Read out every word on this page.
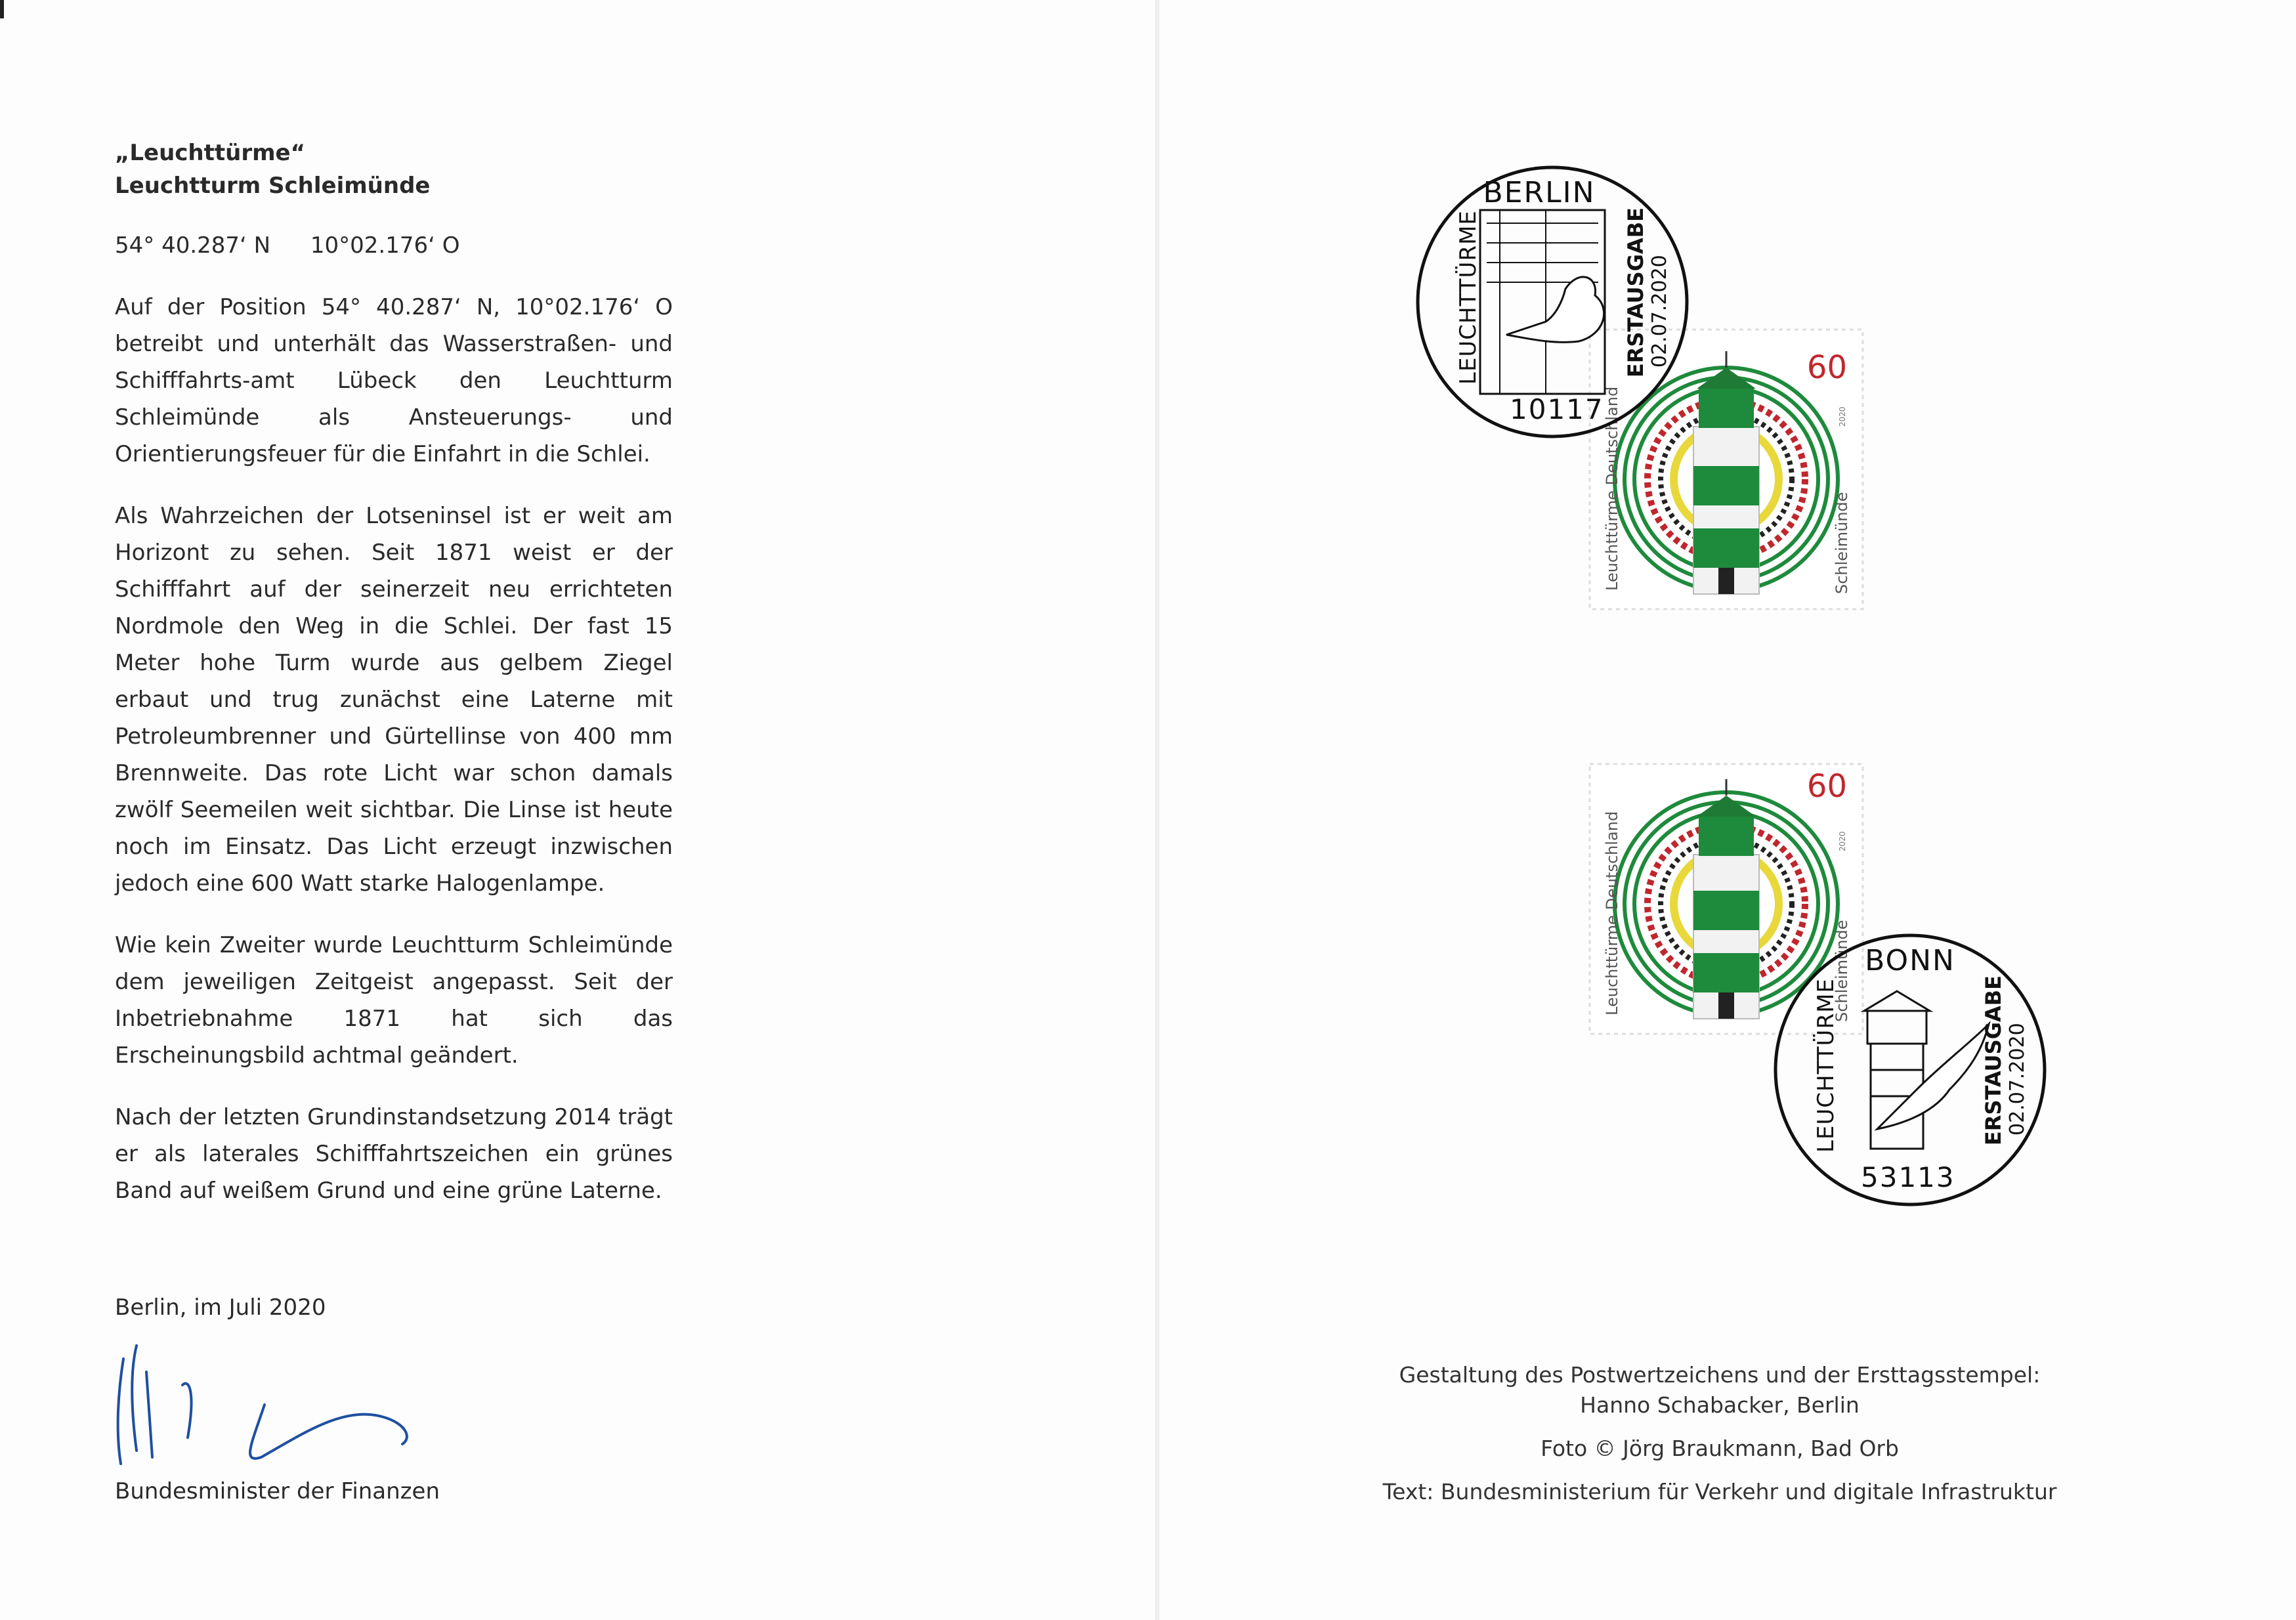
„Leuchttürme“

Leuchtturm Schleimünde

54° 40.287‘ N 10°02.176‘ O

Auf der Position 54° 40.287‘ N, 10°02.176‘ O betreibt und unterhält das Wasserstraßen- und Schifffahrts-amt Lübeck den Leuchtturm Schleimünde als Ansteuerungs- und Orientierungsfeuer für die Einfahrt in die Schlei.

Als Wahrzeichen der Lotseninsel ist er weit am Horizont zu sehen. Seit 1871 weist er der Schifffahrt auf der seinerzeit neu errichteten Nordmole den Weg in die Schlei. Der fast 15 Meter hohe Turm wurde aus gelbem Ziegel erbaut und trug zunächst eine Laterne mit Petroleumbrenner und Gürtellinse von 400 mm Brennweite. Das rote Licht war schon damals zwölf Seemeilen weit sichtbar. Die Linse ist heute noch im Einsatz. Das Licht erzeugt inzwischen jedoch eine 600 Watt starke Halogenlampe.

Wie kein Zweiter wurde Leuchtturm Schleimünde dem jeweiligen Zeitgeist angepasst. Seit der Inbetriebnahme 1871 hat sich das Erscheinungsbild achtmal geändert.

Nach der letzten Grundinstandsetzung 2014 trägt er als laterales Schifffahrtszeichen ein grünes Band auf weißem Grund und eine grüne Laterne.

Berlin, im Juli 2020
Bundesminister der Finanzen
60
Leuchttürme Deutschland	Schleimünde
2020
60
Leuchttürme Deutschland	Schleimünde
2020
BERLIN
LEUCHTTÜRME	ERSTAUSGABE 02.07.2020
10117
BONN
LEUCHTTÜRME	ERSTAUSGABE 02.07.2020
53113

Gestaltung des Postwertzeichens und der Ersttagsstempel:

Hanno Schabacker, Berlin

Foto © Jörg Braukmann, Bad Orb

Text: Bundesministerium für Verkehr und digitale Infrastruktur
